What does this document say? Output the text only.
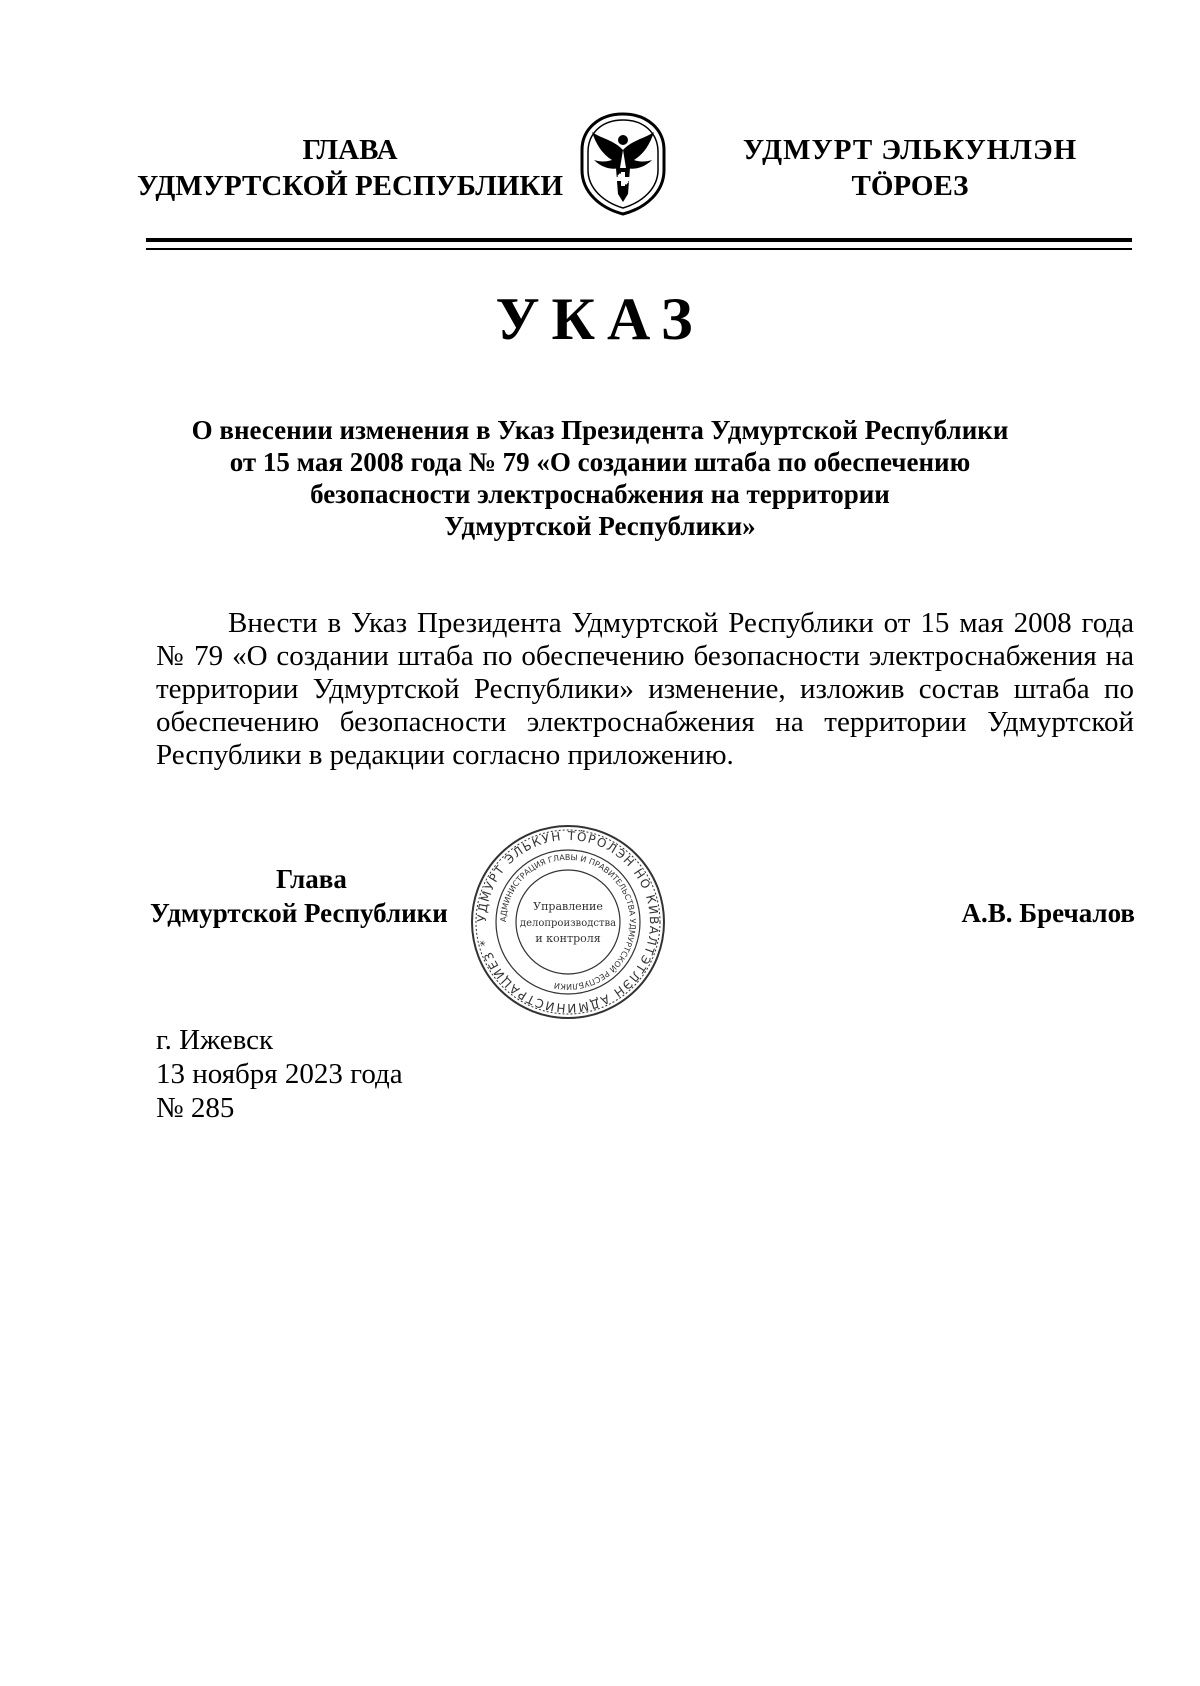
ГЛАВА
УДМУРТСКОЙ РЕСПУБЛИКИ
УДМУРТ ЭЛЬКУНЛЭН
ТӦРОЕЗ
УКАЗ
О внесении изменения в Указ Президента Удмуртской Республики
от 15 мая 2008 года № 79 «О создании штаба по обеспечению
безопасности электроснабжения на территории
Удмуртской Республики»
Внести в Указ Президента Удмуртской Республики от 15 мая 2008 года
№ 79 «О создании штаба по обеспечению безопасности электроснабжения на
территории Удмуртской Республики» изменение, изложив состав штаба по
обеспечению безопасности электроснабжения на территории Удмуртской
Республики в редакции согласно приложению.
Глава
Удмуртской Республики УДМУРТ ЭЛЬКУН ТӦРОЛЭН НО КИВАЛТЭТЛЭН АДМИНИСТРАЦИЕЗ *
АДМИНИСТРАЦИЯ ГЛАВЫ И ПРАВИТЕЛЬСТВА УДМУРТСКОЙ РЕСПУБЛИКИ
Управление
делопроизводства
и контроля
А.В. Бречалов
г. Ижевск
13 ноября 2023 года
№ 285
